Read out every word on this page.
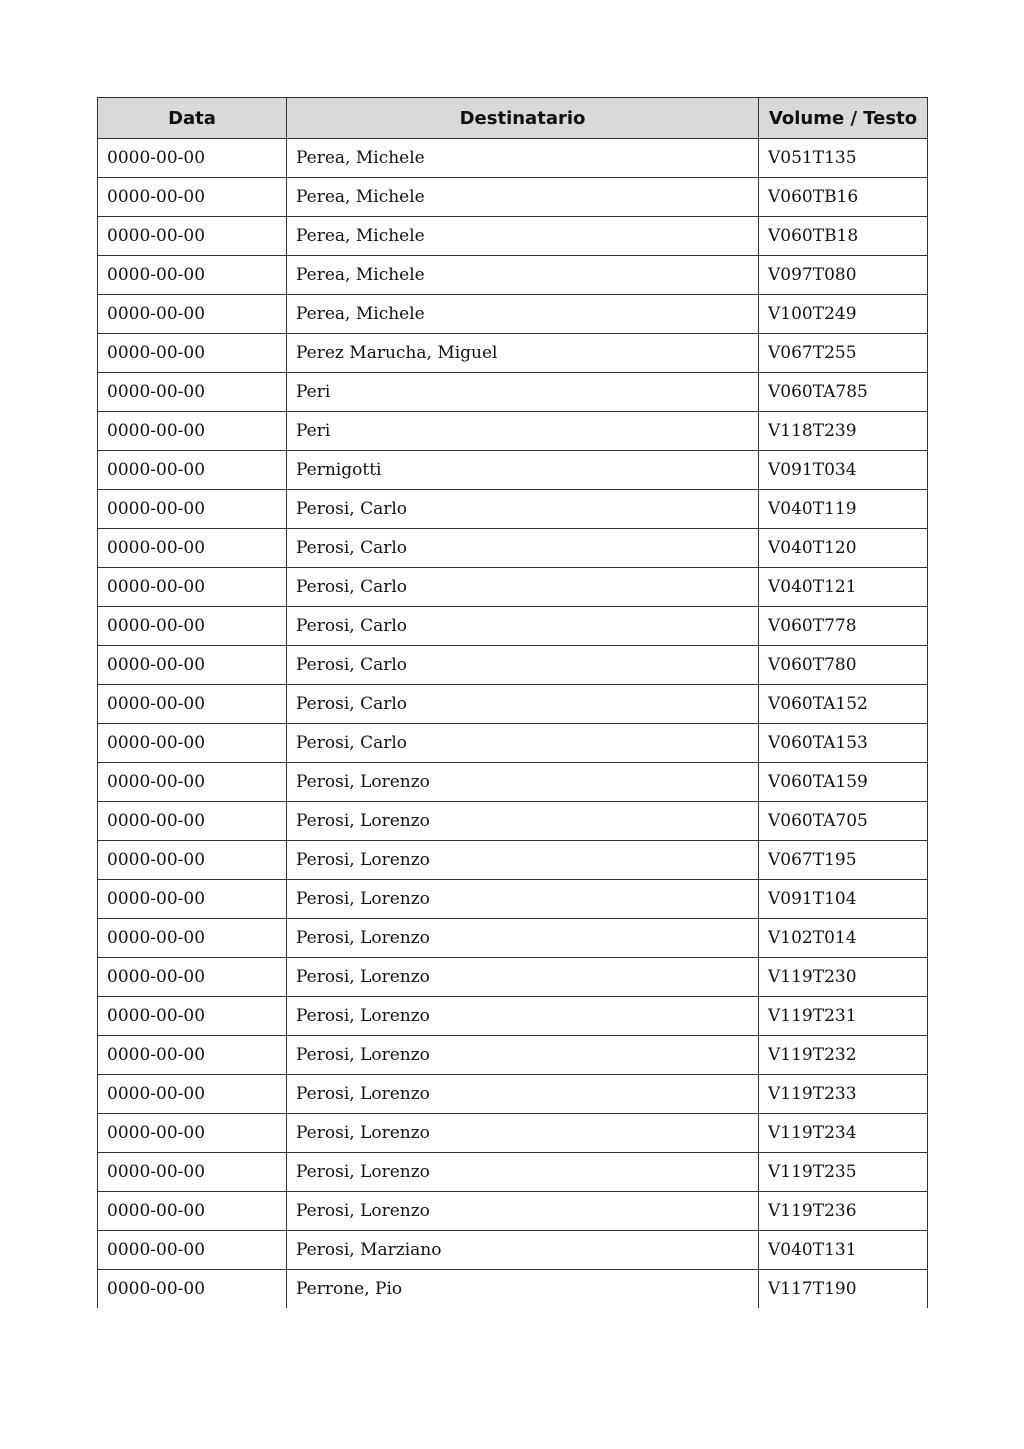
Data	Destinatario	Volume / Testo
0000-00-00	Perea, Michele	V051T135
0000-00-00	Perea, Michele	V060TB16
0000-00-00	Perea, Michele	V060TB18
0000-00-00	Perea, Michele	V097T080
0000-00-00	Perea, Michele	V100T249
0000-00-00	Perez Marucha, Miguel	V067T255
0000-00-00	Peri	V060TA785
0000-00-00	Peri	V118T239
0000-00-00	Pernigotti	V091T034
0000-00-00	Perosi, Carlo	V040T119
0000-00-00	Perosi, Carlo	V040T120
0000-00-00	Perosi, Carlo	V040T121
0000-00-00	Perosi, Carlo	V060T778
0000-00-00	Perosi, Carlo	V060T780
0000-00-00	Perosi, Carlo	V060TA152
0000-00-00	Perosi, Carlo	V060TA153
0000-00-00	Perosi, Lorenzo	V060TA159
0000-00-00	Perosi, Lorenzo	V060TA705
0000-00-00	Perosi, Lorenzo	V067T195
0000-00-00	Perosi, Lorenzo	V091T104
0000-00-00	Perosi, Lorenzo	V102T014
0000-00-00	Perosi, Lorenzo	V119T230
0000-00-00	Perosi, Lorenzo	V119T231
0000-00-00	Perosi, Lorenzo	V119T232
0000-00-00	Perosi, Lorenzo	V119T233
0000-00-00	Perosi, Lorenzo	V119T234
0000-00-00	Perosi, Lorenzo	V119T235
0000-00-00	Perosi, Lorenzo	V119T236
0000-00-00	Perosi, Marziano	V040T131
0000-00-00	Perrone, Pio	V117T190
